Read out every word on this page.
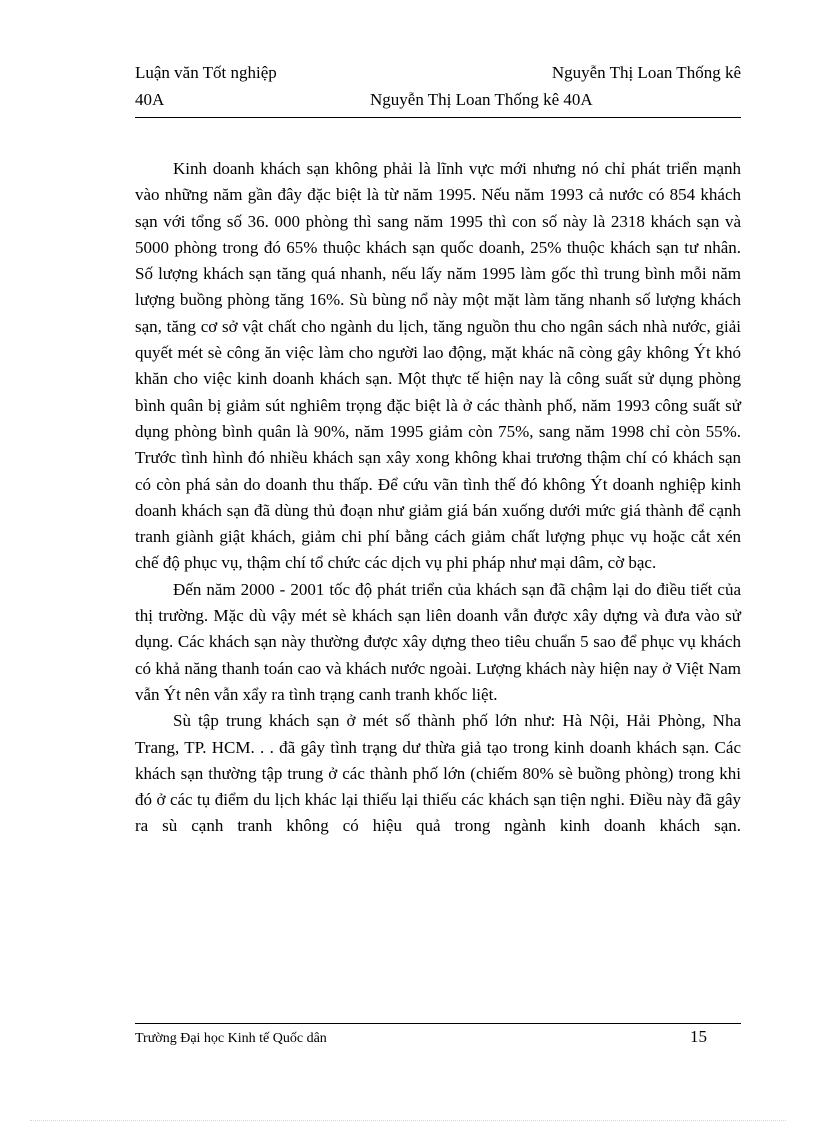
Luận văn Tốt nghiệp	Nguyễn Thị Loan Thống kê
40A	Nguyễn Thị Loan Thống kê 40A

Kinh doanh khách sạn không phải là lĩnh vực mới nhưng nó chỉ phát triển mạnh vào những năm gần đây đặc biệt là từ năm 1995. Nếu năm 1993 cả nước có 854 khách sạn với tổng số 36. 000 phòng thì sang năm 1995 thì con số này là 2318 khách sạn và 5000 phòng trong đó 65% thuộc khách sạn quốc doanh, 25% thuộc khách sạn tư nhân. Số lượng khách sạn tăng quá nhanh, nếu lấy năm 1995 làm gốc thì trung bình mỗi năm lượng buồng phòng tăng 16%. Sù bùng nổ này một mặt làm tăng nhanh số lượng khách sạn, tăng cơ sở vật chất cho ngành du lịch, tăng nguồn thu cho ngân sách nhà nước, giải quyết mét sè công ăn việc làm cho người lao động, mặt khác nã còng gây không Ýt khó khăn cho việc kinh doanh khách sạn. Một thực tế hiện nay là công suất sử dụng phòng bình quân bị giảm sút nghiêm trọng đặc biệt là ở các thành phố, năm 1993 công suất sử dụng phòng bình quân là 90%, năm 1995 giảm còn 75%, sang năm 1998 chỉ còn 55%. Trước tình hình đó nhiều khách sạn xây xong không khai trương thậm chí có khách sạn có còn phá sản do doanh thu thấp. Để cứu vãn tình thế đó không Ýt doanh nghiệp kinh doanh khách sạn đã dùng thủ đoạn như giảm giá bán xuống dưới mức giá thành để cạnh tranh giành giật khách, giảm chi phí bằng cách giảm chất lượng phục vụ hoặc cắt xén chế độ phục vụ, thậm chí tổ chức các dịch vụ phi pháp như mại dâm, cờ bạc.

Đến năm 2000 - 2001 tốc độ phát triển của khách sạn đã chậm lại do điều tiết của thị trường. Mặc dù vậy mét sè khách sạn liên doanh vẫn được xây dựng và đưa vào sử dụng. Các khách sạn này thường được xây dựng theo tiêu chuẩn 5 sao để phục vụ khách có khả năng thanh toán cao và khách nước ngoài. Lượng khách này hiện nay ở Việt Nam vẫn Ýt nên vẫn xẩy ra tình trạng canh tranh khốc liệt.

Sù tập trung khách sạn ở mét số thành phố lớn như: Hà Nội, Hải Phòng, Nha Trang, TP. HCM. . . đã gây tình trạng dư thừa giả tạo trong kinh doanh khách sạn. Các khách sạn thường tập trung ở các thành phố lớn (chiếm 80% sè buồng phòng) trong khi đó ở các tụ điểm du lịch khác lại thiếu lại thiếu các khách sạn tiện nghi. Điều này đã gây ra sù cạnh tranh không có hiệu quả trong ngành kinh doanh khách sạn.

Trường Đại học Kinh tế Quốc dân	15
